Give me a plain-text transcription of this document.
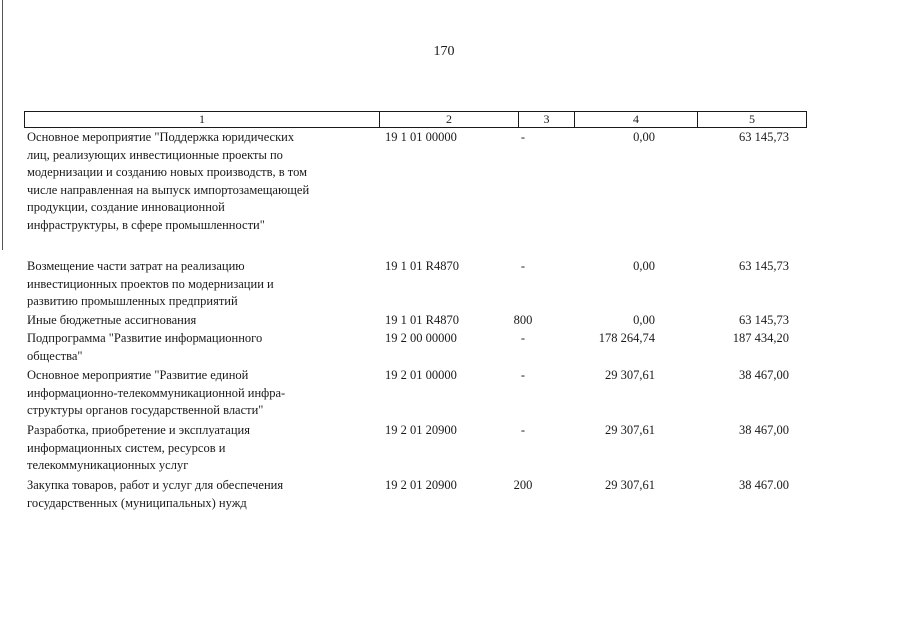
170
1	2	3	4	5
Основное мероприятие "Поддержка юридических
лиц, реализующих инвестиционные проекты по
модернизации и созданию новых производств, в том
числе направленная на выпуск импортозамещающей
продукции, создание инновационной
инфраструктуры, в сфере промышленности"
19 1 01 00000	-	0,00	63 145,73
Возмещение части затрат на реализацию
инвестиционных проектов по модернизации и
развитию промышленных предприятий
19 1 01 R4870	-	0,00	63 145,73
Иные бюджетные ассигнования	19 1 01 R4870	800	0,00	63 145,73
Подпрограмма "Развитие информационного
общества"
19 2 00 00000	-	178 264,74	187 434,20
Основное мероприятие "Развитие единой
информационно-телекоммуникационной инфра-
структуры органов государственной власти"
19 2 01 00000	-	29 307,61	38 467,00
Разработка, приобретение и эксплуатация
информационных систем, ресурсов и
телекоммуникационных услуг
19 2 01 20900	-	29 307,61	38 467,00
Закупка товаров, работ и услуг для обеспечения
государственных (муниципальных) нужд
19 2 01 20900	200	29 307,61	38 467.00
